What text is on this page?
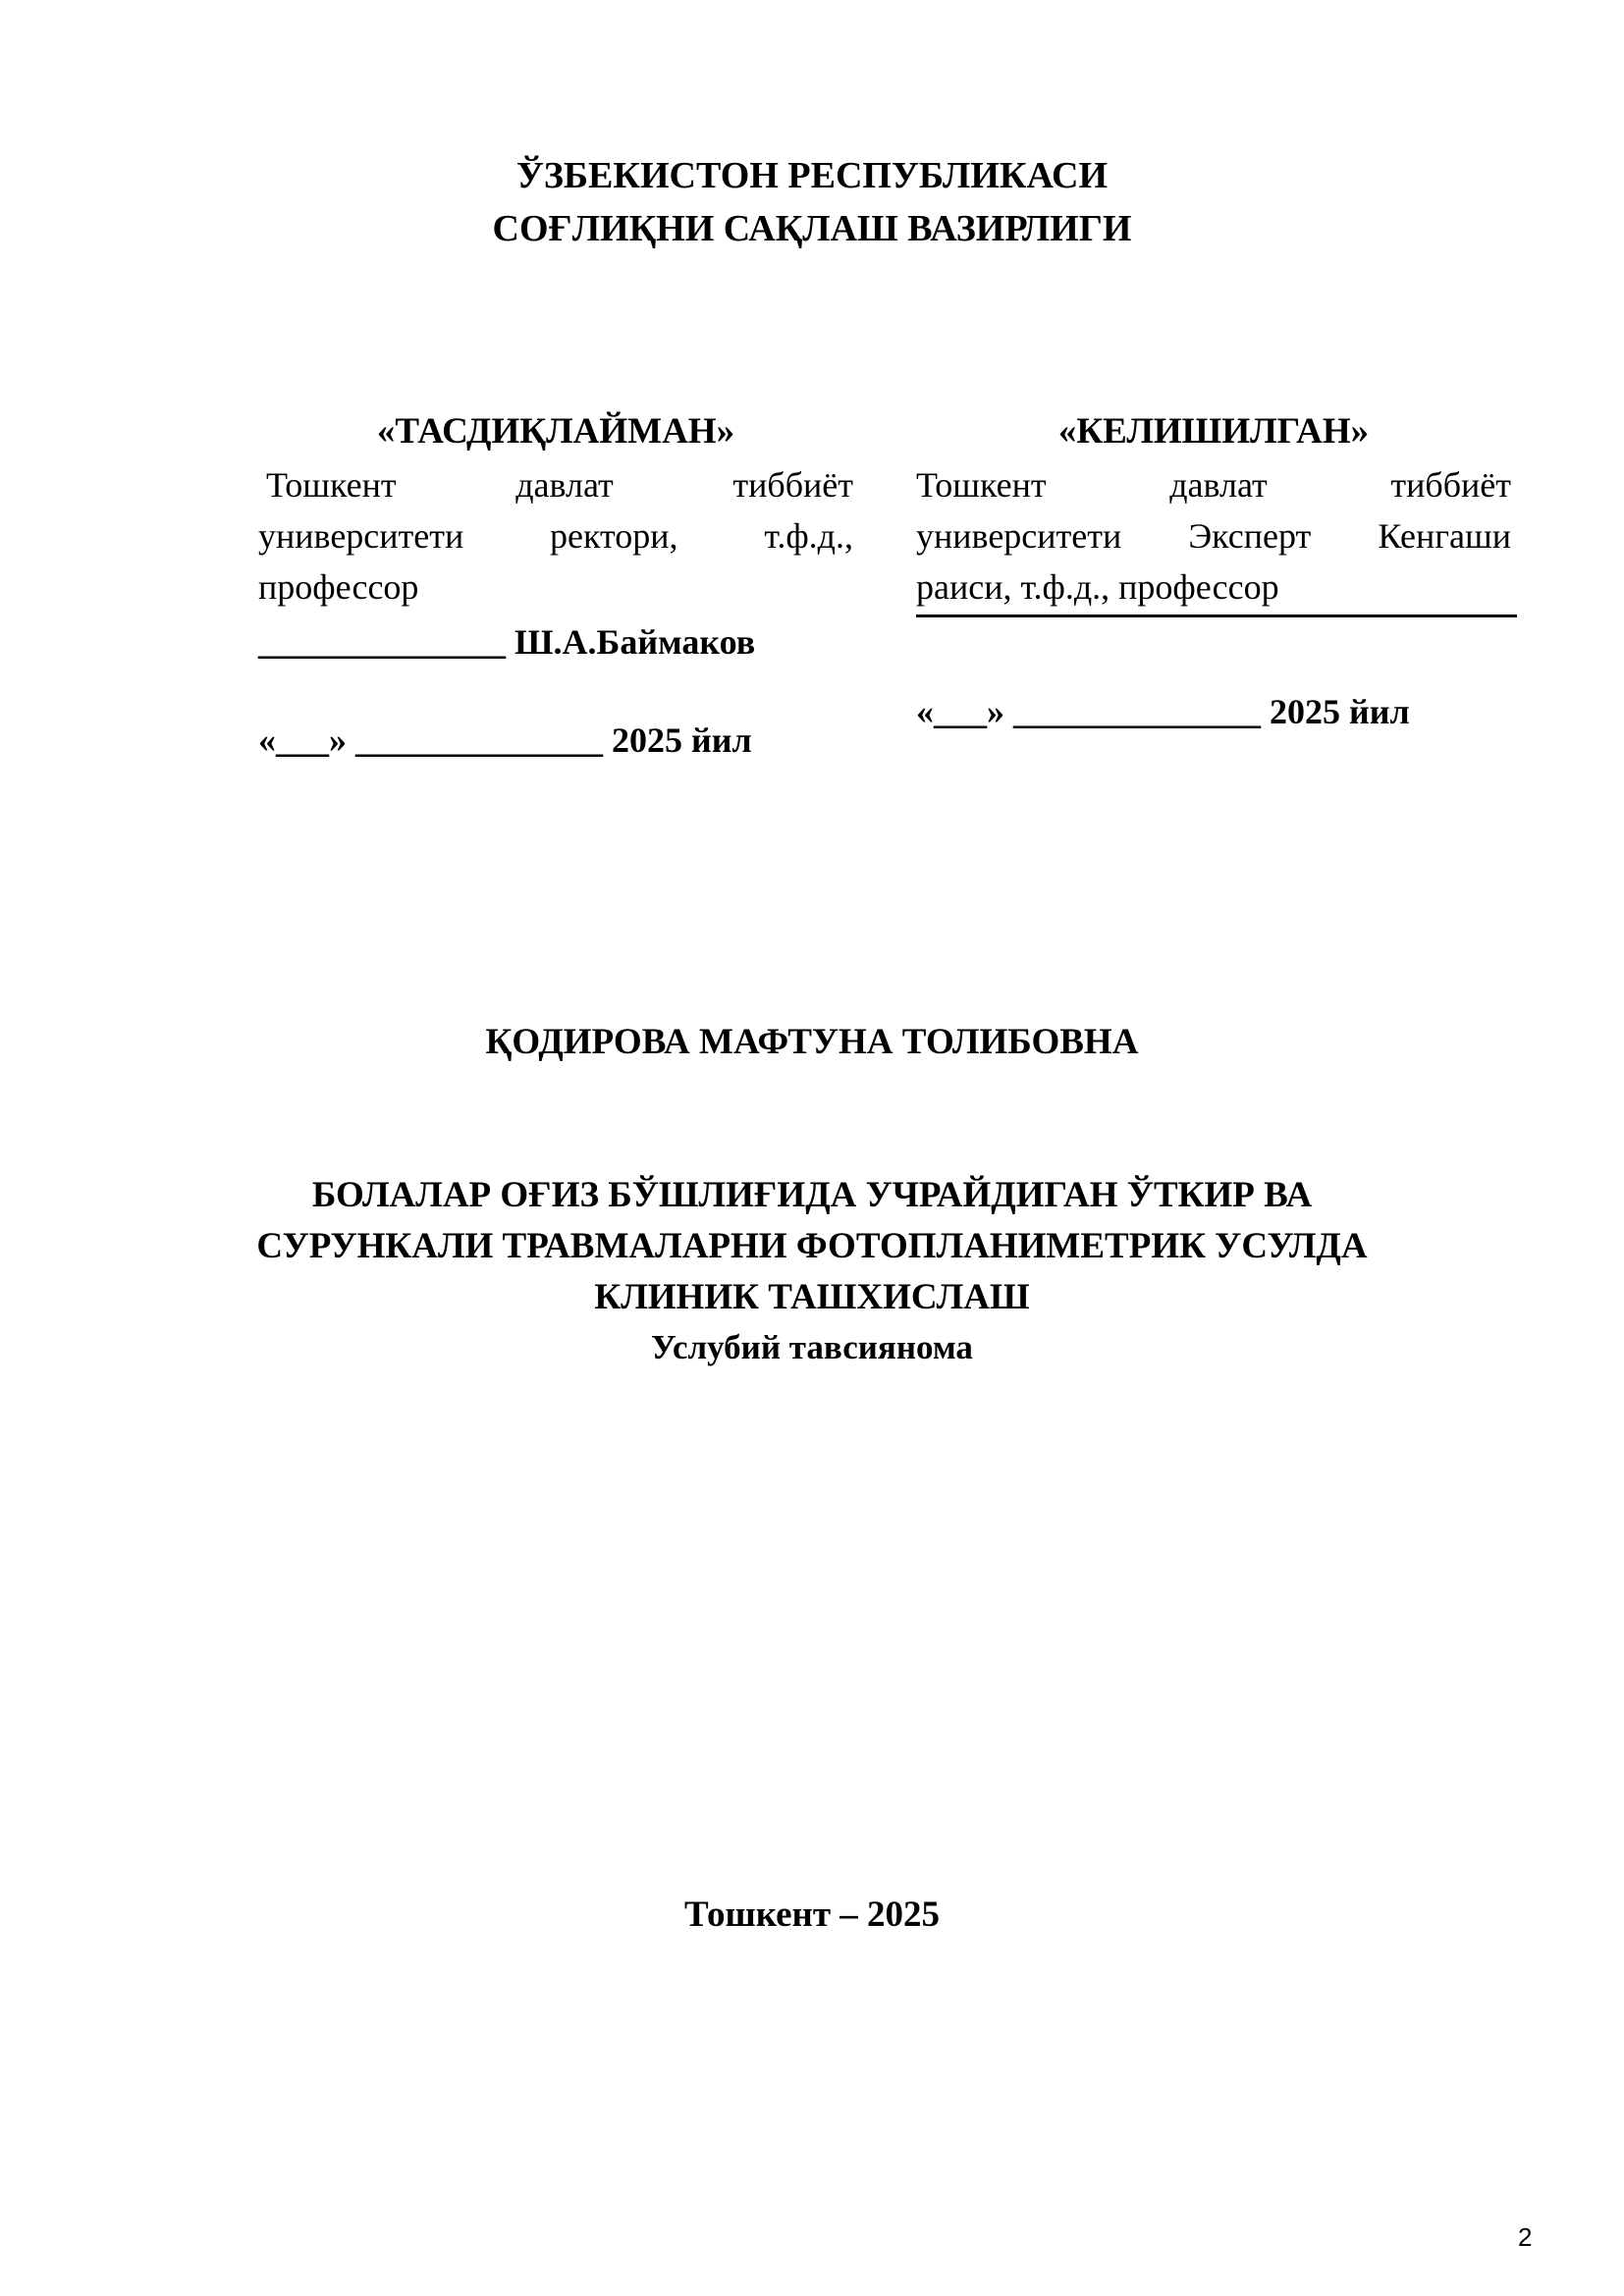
ЎЗБЕКИСТОН РЕСПУБЛИКАСИ
СОҒЛИҚНИ САҚЛАШ ВАЗИРЛИГИ
«ТАСДИҚЛАЙМАН»
Тошкент давлат тиббиёт
университети ректори, т.ф.д.,
профессор
______________ Ш.А.Баймаков
«___» ______________ 2025 йил
«КЕЛИШИЛГАН»
Тошкент давлат тиббиёт
университети Эксперт Кенгаши
раиси, т.ф.д., профессор
«___» ______________ 2025 йил
ҚОДИРОВА МАФТУНА ТОЛИБОВНА
БОЛАЛАР ОҒИЗ БЎШЛИҒИДА УЧРАЙДИГАН ЎТКИР ВА
СУРУНКАЛИ ТРАВМАЛАРНИ ФОТОПЛАНИМЕТРИК УСУЛДА
КЛИНИК ТАШХИСЛАШ
Услубий тавсиянома
Тошкент – 2025
2
